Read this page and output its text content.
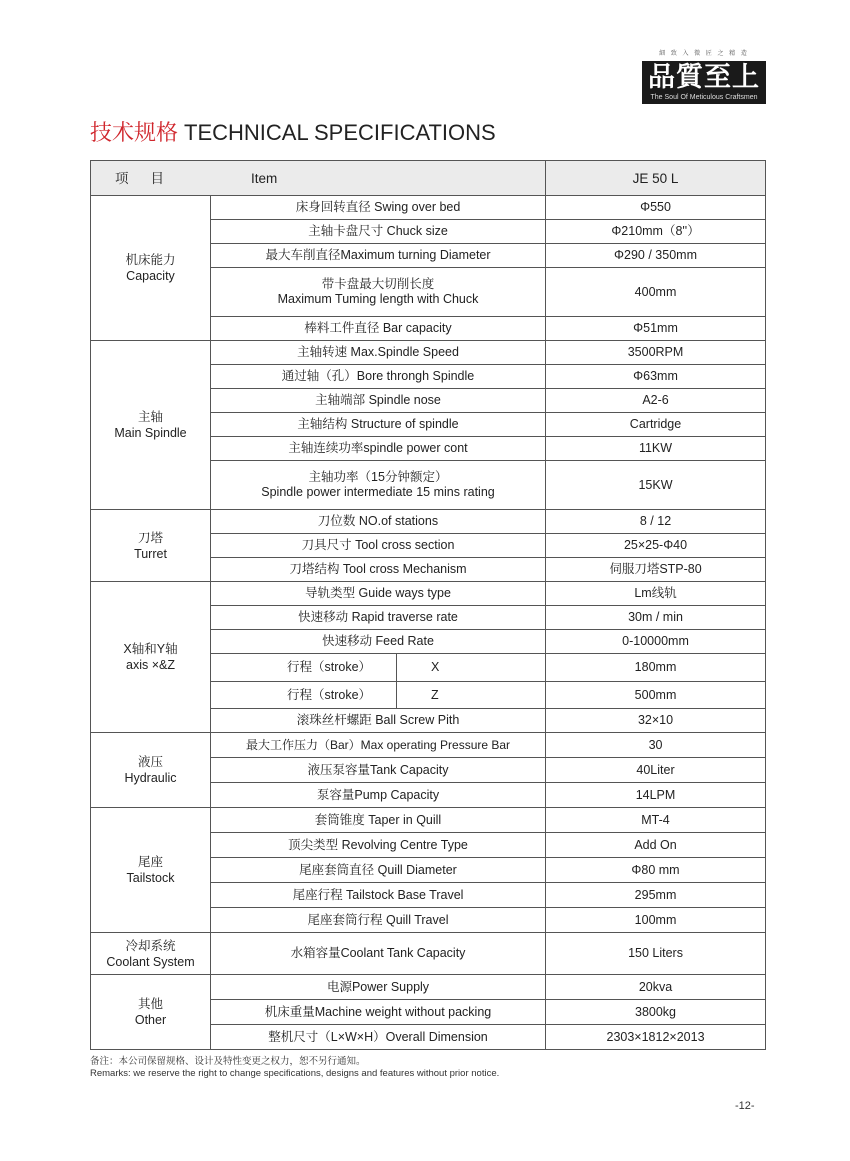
細 致 入 微 匠 之 精 造
品質至上
The Soul Of Meticulous Craftsmen
技术规格 TECHNICAL SPECIFICATIONS
项目 Item			JE 50 L

机床能力
Capacity	床身回转直径 Swing over bed		Φ550
	主轴卡盘尺寸 Chuck size		Φ210mm（8''）
	最大车削直径Maximum turning Diameter		Φ290 / 350mm

	带卡盘最大切削长度
Maximum Tuming length with Chuck		400mm
	棒料工件直径 Bar capacity		Φ51mm

主轴
Main Spindle	主轴转速 Max.Spindle Speed		3500RPM
	通过轴（孔）Bore throngh Spindle		Φ63mm
	主轴端部 Spindle nose		A2-6
	主轴结构 Structure of spindle		Cartridge
	主轴连续功率spindle power cont		11KW

	主轴功率（15分钟额定）
Spindle power intermediate 15 mins rating		15KW

刀塔
Turret	刀位数 NO.of stations		8 / 12
	刀具尺寸 Tool cross section		25×25-Φ40
	刀塔结构 Tool cross Mechanism		伺服刀塔STP-80

X轴和Y轴
axis ×&Z	导轨类型 Guide ways type		Lm线轨
	快速移动 Rapid traverse rate		30m / min
	快速移动 Feed Rate		0-10000mm
	行程（stroke）	X	180mm
	行程（stroke）	Z	500mm
	滚珠丝杆螺距 Ball Screw Pith		32×10

液压
Hydraulic	最大工作压力（Bar）Max operating Pressure Bar		30
	液压泵容量Tank Capacity		40Liter
	泵容量Pump Capacity		14LPM

尾座
Tailstock	套筒锥度 Taper in Quill		MT-4
	顶尖类型 Revolving Centre Type		Add On
	尾座套筒直径 Quill Diameter		Φ80 mm
	尾座行程 Tailstock Base Travel		295mm
	尾座套筒行程 Quill Travel		100mm

冷却系统
Coolant System	水箱容量Coolant Tank Capacity		150 Liters

其他
Other	电源Power Supply		20kva
	机床重量Machine weight without packing		3800kg
	整机尺寸（L×W×H）Overall Dimension		2303×1812×2013
备注：本公司保留规格、设计及特性变更之权力，恕不另行通知。
Remarks: we reserve the right to change specifications, designs and features without prior notice.
-12-
